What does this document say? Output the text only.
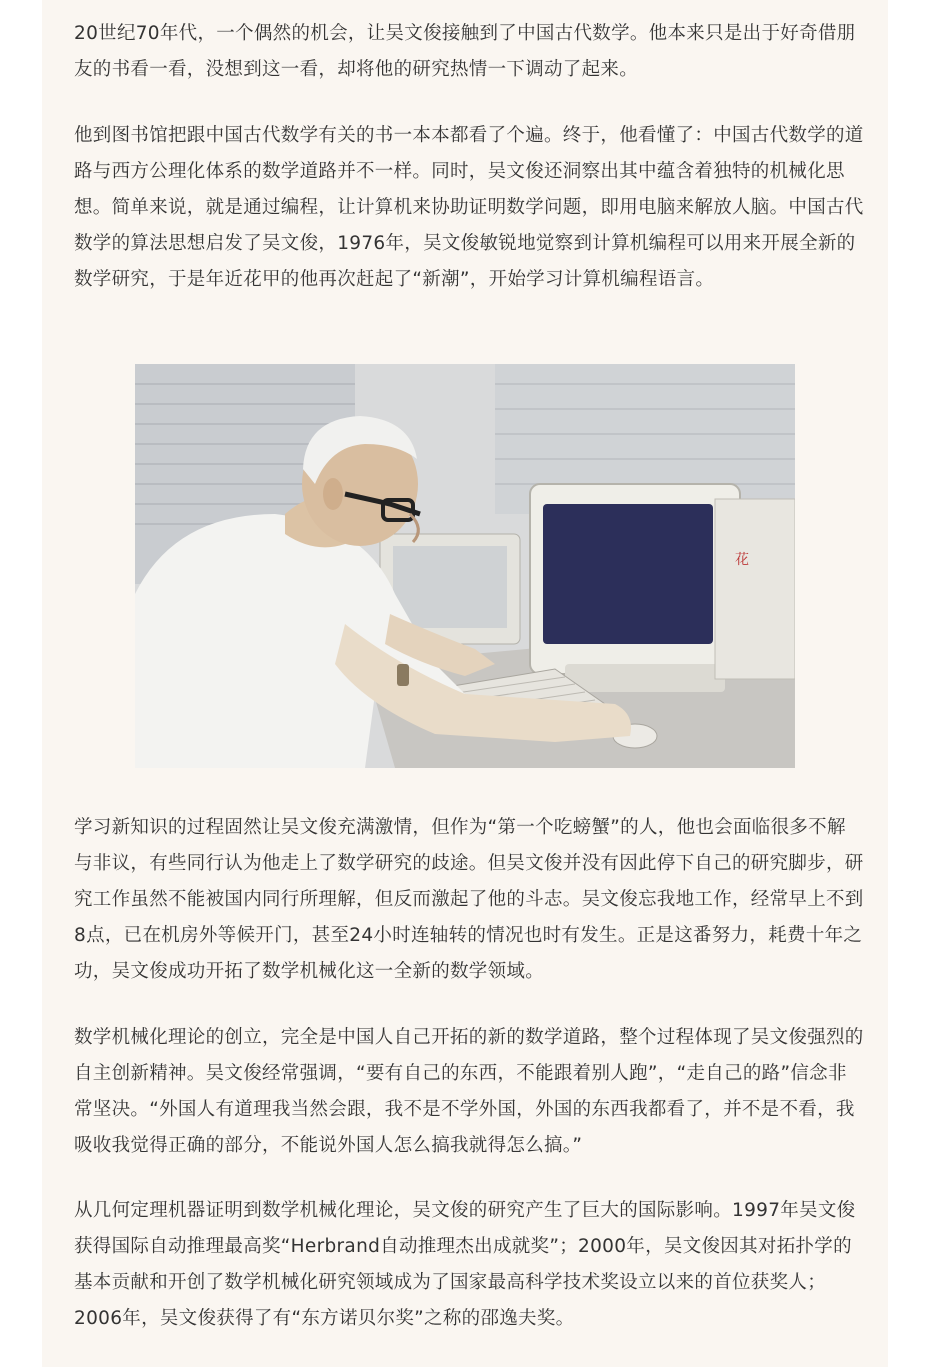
20世纪70年代，一个偶然的机会，让吴文俊接触到了中国古代数学。他本来只是出于好奇借朋友的书看一看，没想到这一看，却将他的研究热情一下调动了起来。

他到图书馆把跟中国古代数学有关的书一本本都看了个遍。终于，他看懂了：中国古代数学的道路与西方公理化体系的数学道路并不一样。同时，吴文俊还洞察出其中蕴含着独特的机械化思想。简单来说，就是通过编程，让计算机来协助证明数学问题，即用电脑来解放人脑。中国古代数学的算法思想启发了吴文俊，1976年，吴文俊敏锐地觉察到计算机编程可以用来开展全新的数学研究，于是年近花甲的他再次赶起了“新潮”，开始学习计算机编程语言。

花

学习新知识的过程固然让吴文俊充满激情，但作为“第一个吃螃蟹”的人，他也会面临很多不解与非议，有些同行认为他走上了数学研究的歧途。但吴文俊并没有因此停下自己的研究脚步，研究工作虽然不能被国内同行所理解，但反而激起了他的斗志。吴文俊忘我地工作，经常早上不到8点，已在机房外等候开门，甚至24小时连轴转的情况也时有发生。正是这番努力，耗费十年之功，吴文俊成功开拓了数学机械化这一全新的数学领域。

数学机械化理论的创立，完全是中国人自己开拓的新的数学道路，整个过程体现了吴文俊强烈的自主创新精神。吴文俊经常强调，“要有自己的东西，不能跟着别人跑”，“走自己的路”信念非常坚决。“外国人有道理我当然会跟，我不是不学外国，外国的东西我都看了，并不是不看，我吸收我觉得正确的部分，不能说外国人怎么搞我就得怎么搞。”

从几何定理机器证明到数学机械化理论，吴文俊的研究产生了巨大的国际影响。1997年吴文俊获得国际自动推理最高奖“Herbrand自动推理杰出成就奖”；2000年，吴文俊因其对拓扑学的基本贡献和开创了数学机械化研究领域成为了国家最高科学技术奖设立以来的首位获奖人；2006年，吴文俊获得了有“东方诺贝尔奖”之称的邵逸夫奖。
